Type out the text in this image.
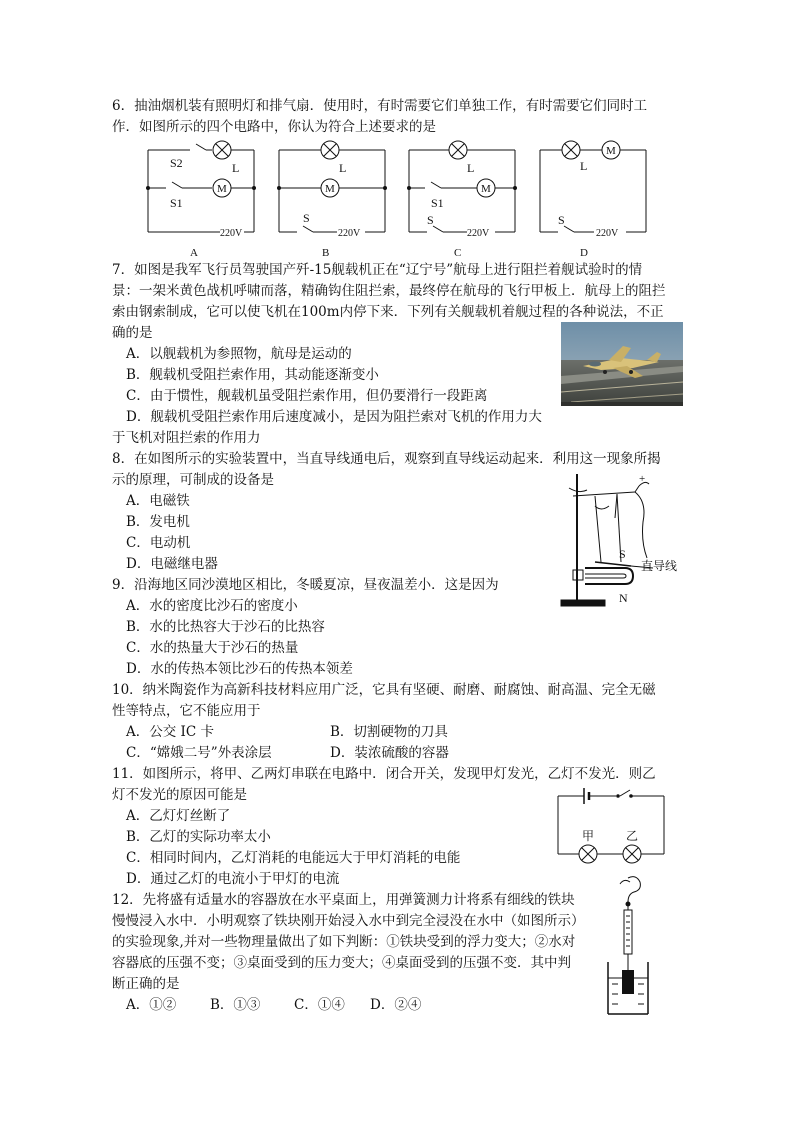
6．抽油烟机装有照明灯和排气扇．使用时，有时需要它们单独工作，有时需要它们同时工
作．如图所示的四个电路中，你认为符合上述要求的是
S2	L
M
S1
220V
A
L
M
S
220V
B
L
M
S1
S
220V
C
L
M
S
220V
D
7．如图是我军飞行员驾驶国产歼-15舰载机正在“辽宁号”航母上进行阻拦着舰试验时的情
景：一架米黄色战机呼啸而落，精确钩住阻拦索，最终停在航母的飞行甲板上．航母上的阻拦
索由钢索制成，它可以使飞机在100m内停下来．下列有关舰载机着舰过程的各种说法，不正
确的是
A．以舰载机为参照物，航母是运动的
B．舰载机受阻拦索作用，其动能逐渐变小
C．由于惯性，舰载机虽受阻拦索作用，但仍要滑行一段距离
D．舰载机受阻拦索作用后速度减小，是因为阻拦索对飞机的作用力大
于飞机对阻拦索的作用力
8．在如图所示的实验装置中，当直导线通电后，观察到直导线运动起来．利用这一现象所揭
示的原理，可制成的设备是
A．电磁铁
B．发电机
C．电动机
D．电磁继电器
+
S
N
直导线
9．沿海地区同沙漠地区相比，冬暖夏凉，昼夜温差小．这是因为
A．水的密度比沙石的密度小
B．水的比热容大于沙石的比热容
C．水的热量大于沙石的热量
D．水的传热本领比沙石的传热本领差
10．纳米陶瓷作为高新科技材料应用广泛，它具有坚硬、耐磨、耐腐蚀、耐高温、完全无磁
性等特点，它不能应用于
A．公交 IC 卡	B．切割硬物的刀具
C．“嫦娥二号”外表涂层	D．装浓硫酸的容器
11．如图所示，将甲、乙两灯串联在电路中．闭合开关，发现甲灯发光，乙灯不发光．则乙
灯不发光的原因可能是
A．乙灯灯丝断了
B．乙灯的实际功率太小
C．相同时间内，乙灯消耗的电能远大于甲灯消耗的电能
D．通过乙灯的电流小于甲灯的电流
甲	乙
12．先将盛有适量水的容器放在水平桌面上，用弹簧测力计将系有细线的铁块
慢慢浸入水中．小明观察了铁块刚开始浸入水中到完全浸没在水中（如图所示）
的实验现象,并对一些物理量做出了如下判断：①铁块受到的浮力变大；②水对
容器底的压强不变；③桌面受到的压力变大；④桌面受到的压强不变．其中判
断正确的是
A．①②	B．①③ C．①④ D．②④
